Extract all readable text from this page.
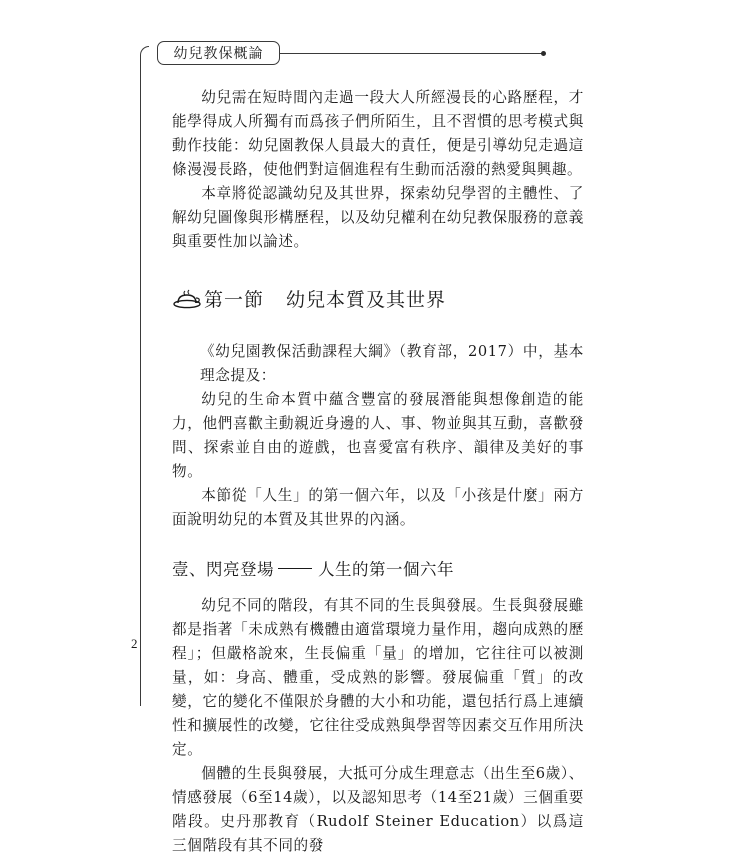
幼兒教保概論
2

幼兒需在短時間內走過一段大人所經漫長的心路歷程，才能學得成人所獨有而爲孩子們所陌生，且不習慣的思考模式與動作技能：幼兒園教保人員最大的責任，便是引導幼兒走過這條漫漫長路，使他們對這個進程有生動而活潑的熱愛與興趣。

本章將從認識幼兒及其世界，探索幼兒學習的主體性、了解幼兒圖像與形構歷程，以及幼兒權利在幼兒教保服務的意義與重要性加以論述。

第一節 幼兒本質及其世界

《幼兒園教保活動課程大綱》（教育部，2017）中，基本理念提及：

幼兒的生命本質中蘊含豐富的發展潛能與想像創造的能力，他們喜歡主動親近身邊的人、事、物並與其互動，喜歡發問、探索並自由的遊戲，也喜愛富有秩序、韻律及美好的事物。

本節從「人生」的第一個六年，以及「小孩是什麼」兩方面說明幼兒的本質及其世界的內涵。

壹、閃亮登場	人生的第一個六年

幼兒不同的階段，有其不同的生長與發展。生長與發展雖都是指著「未成熟有機體由適當環境力量作用，趨向成熟的歷程」；但嚴格說來，生長偏重「量」的增加，它往往可以被測量，如：身高、體重，受成熟的影響。發展偏重「質」的改變，它的變化不僅限於身體的大小和功能，還包括行爲上連續性和擴展性的改變，它往往受成熟與學習等因素交互作用所決定。

個體的生長與發展，大抵可分成生理意志（出生至6歲）、情感發展（6至14歲），以及認知思考（14至21歲）三個重要階段。史丹那教育（Rudolf Steiner Education）以爲這三個階段有其不同的發
